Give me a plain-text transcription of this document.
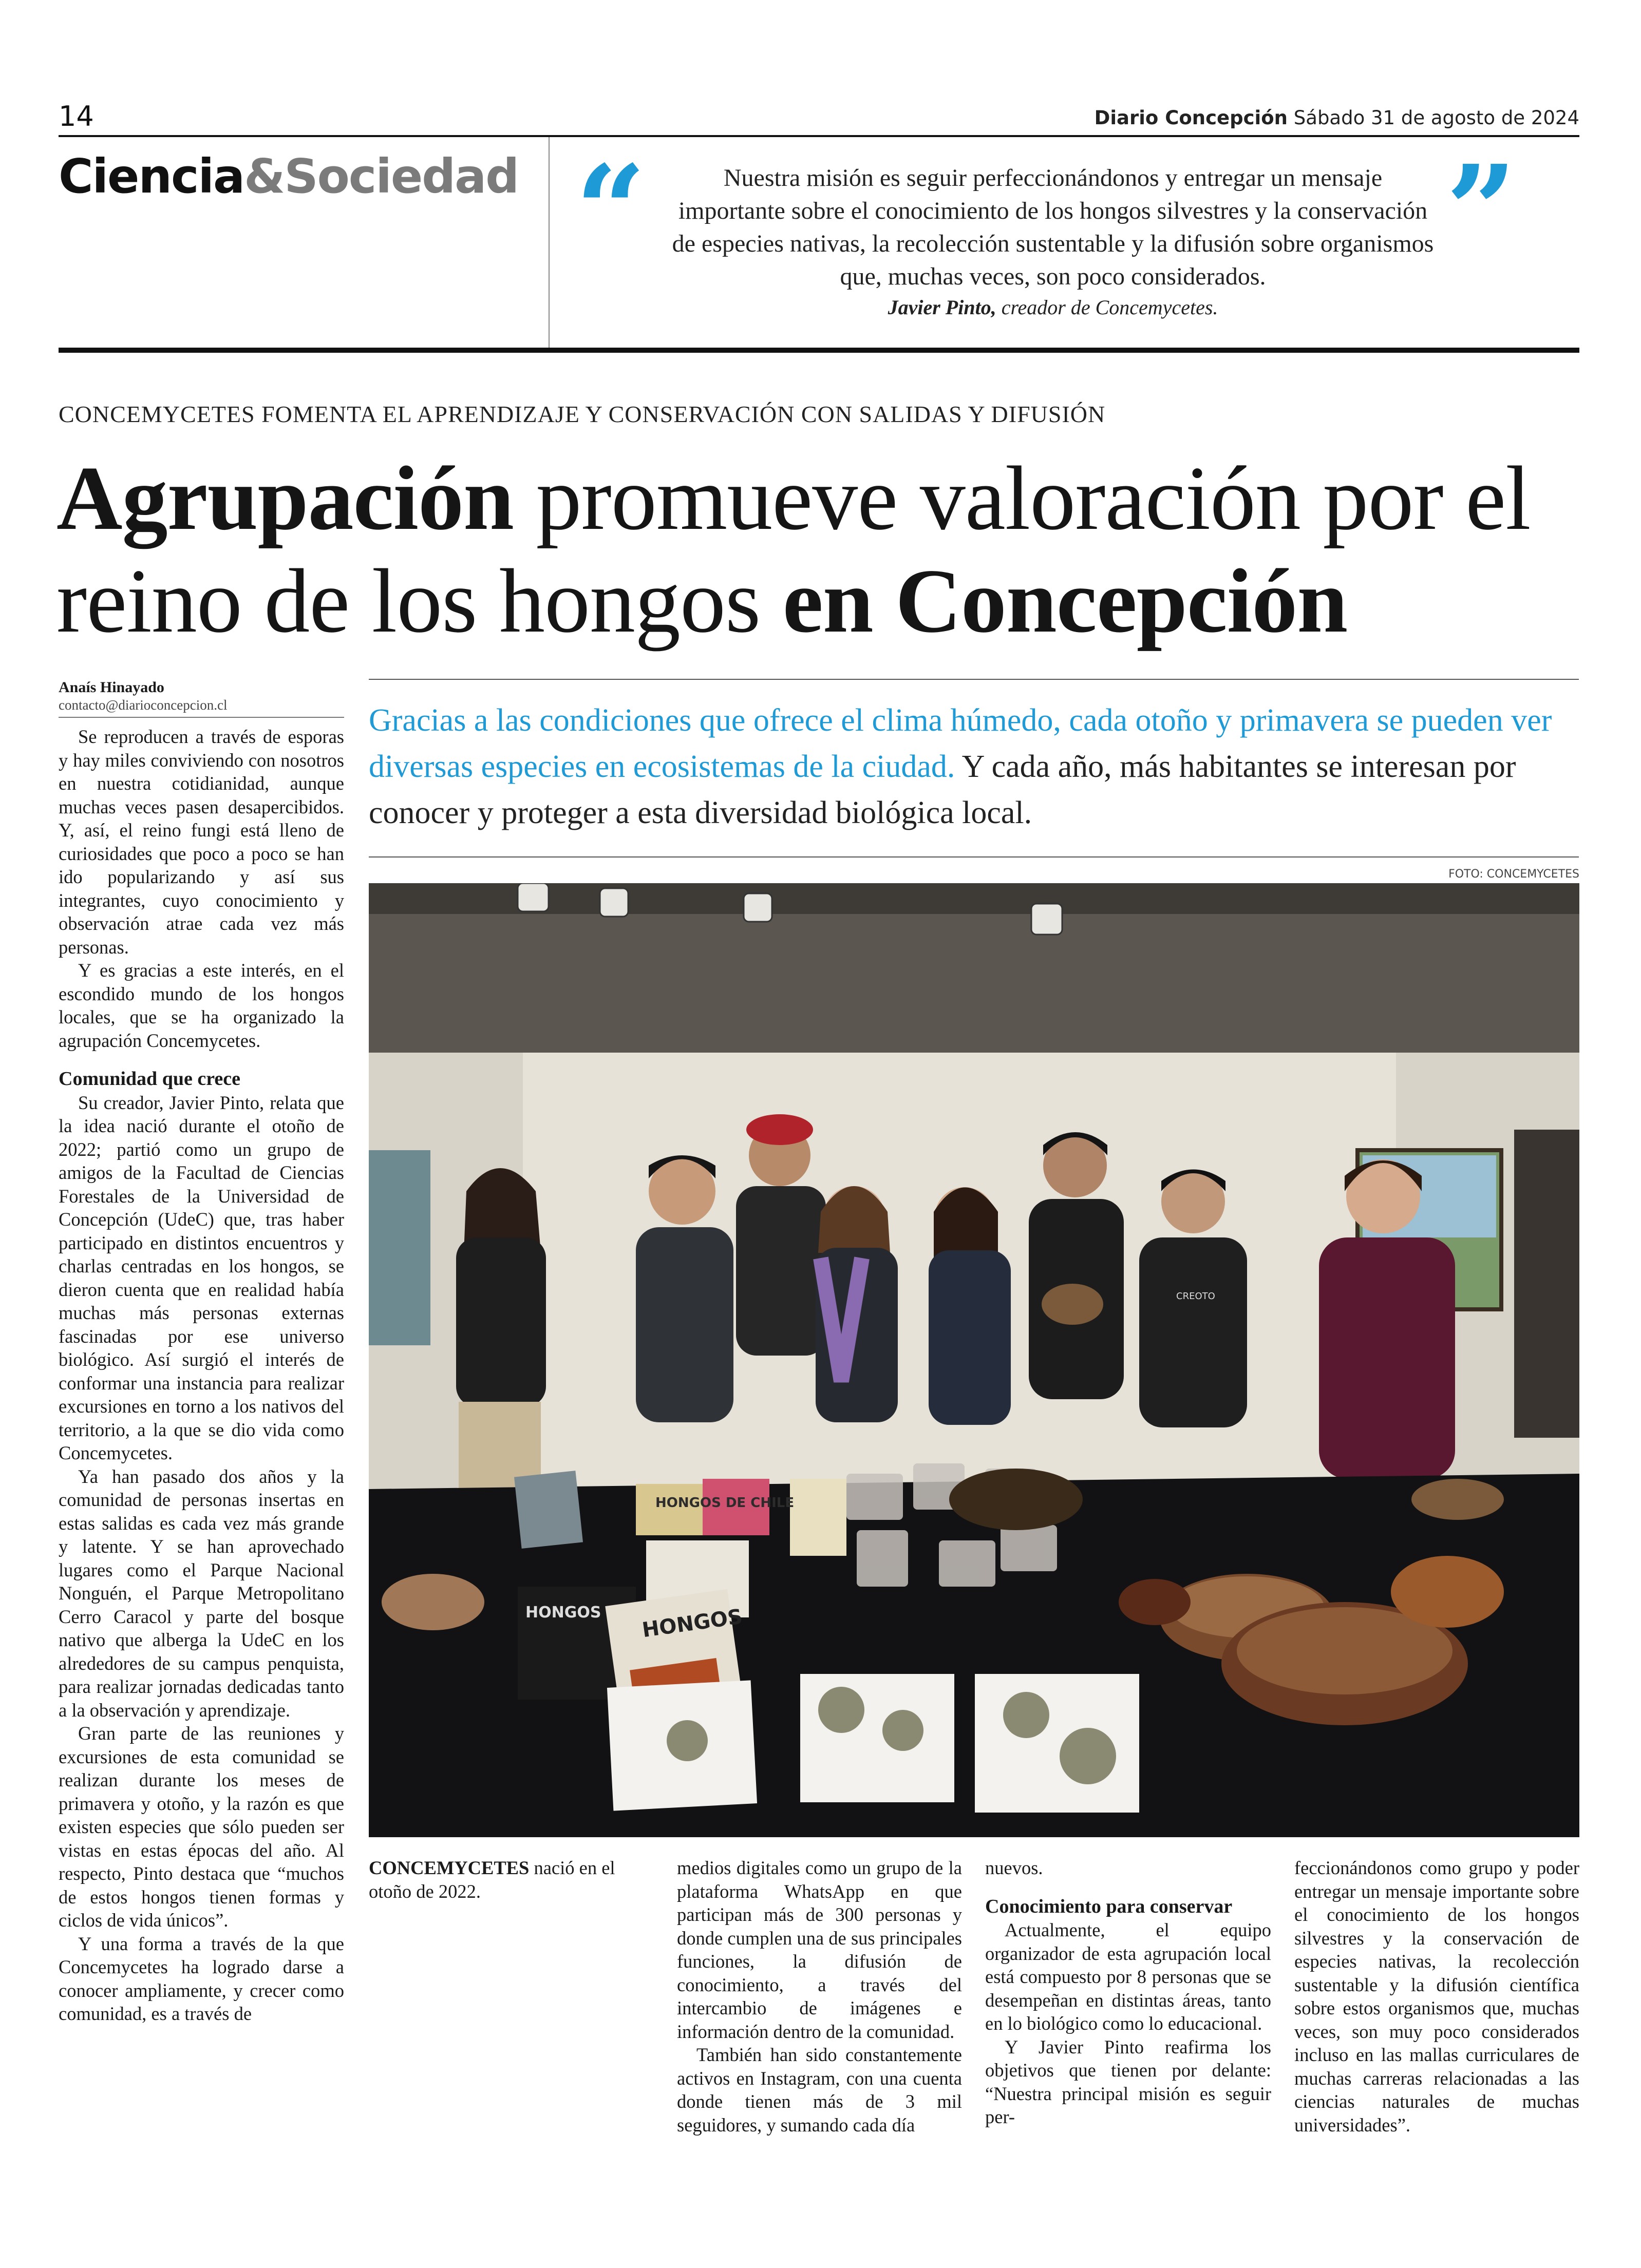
14	Diario Concepción Sábado 31 de agosto de 2024
Ciencia&Sociedad “	”
Nuestra misión es seguir perfeccionándonos y entregar un mensaje importante sobre el conocimiento de los hongos silvestres y la conservación de especies nativas, la recolección sustentable y la difusión sobre organismos que, muchas veces, son poco considerados.
Javier Pinto, creador de Concemycetes.
CONCEMYCETES FOMENTA EL APRENDIZAJE Y CONSERVACIÓN CON SALIDAS Y DIFUSIÓN
Agrupación promueve valoración por el reino de los hongos en Concepción
Anaís Hinayado
contacto@diarioconcepcion.cl	Gracias a las condiciones que ofrece el clima húmedo, cada otoño y primavera se pueden ver diversas especies en ecosistemas de la ciudad. Y cada año, más habitantes se interesan por conocer y proteger a esta diversidad biológica local.
FOTO: CONCEMYCETES
HONGOS DE CHILE
HONGOS
HONGOS
CREOTO

Se reproducen a través de esporas y hay miles conviviendo con nosotros en nuestra cotidianidad, aunque muchas veces pasen desapercibidos. Y, así, el reino fungi está lleno de curiosidades que poco a poco se han ido popularizando y así sus integrantes, cuyo conocimiento y observación atrae cada vez más personas.

Y es gracias a este interés, en el escondido mundo de los hongos locales, que se ha organizado la agrupación Concemycetes.

Comunidad que crece

Su creador, Javier Pinto, relata que la idea nació durante el otoño de 2022; partió como un grupo de amigos de la Facultad de Ciencias Forestales de la Universidad de Concepción (UdeC) que, tras haber participado en distintos encuentros y charlas centradas en los hongos, se dieron cuenta que en realidad había muchas más personas externas fascinadas por ese universo biológico. Así surgió el interés de conformar una instancia para realizar excursiones en torno a los nativos del territorio, a la que se dio vida como Concemycetes.

Ya han pasado dos años y la comunidad de personas insertas en estas salidas es cada vez más grande y latente. Y se han aprovechado lugares como el Parque Nacional Nonguén, el Parque Metropolitano Cerro Caracol y parte del bosque nativo que alberga la UdeC en los alrededores de su campus penquista, para realizar jornadas dedicadas tanto a la observación y aprendizaje.

Gran parte de las reuniones y excursiones de esta comunidad se realizan durante los meses de primavera y otoño, y la razón es que existen especies que sólo pueden ser vistas en estas épocas del año. Al respecto, Pinto destaca que “muchos de estos hongos tienen formas y ciclos de vida únicos”.

Y una forma a través de la que Concemycetes ha logrado darse a conocer ampliamente, y crecer como comunidad, es a través de

CONCEMYCETES nació en el otoño de 2022.

medios digitales como un grupo de la plataforma WhatsApp en que participan más de 300 personas y donde cumplen una de sus principales funciones, la difusión de conocimiento, a través del intercambio de imágenes e información dentro de la comunidad.

También han sido constantemente activos en Instagram, con una cuenta donde tienen más de 3 mil seguidores, y sumando cada día

nuevos.

Conocimiento para conservar

Actualmente, el equipo organizador de esta agrupación local está compuesto por 8 personas que se desempeñan en distintas áreas, tanto en lo biológico como lo educacional.

Y Javier Pinto reafirma los objetivos que tienen por delante: “Nuestra principal misión es seguir per-

feccionándonos como grupo y poder entregar un mensaje importante sobre el conocimiento de los hongos silvestres y la conservación de especies nativas, la recolección sustentable y la difusión científica sobre estos organismos que, muchas veces, son muy poco considerados incluso en las mallas curriculares de muchas carreras relacionadas a las ciencias naturales de muchas universidades”.
